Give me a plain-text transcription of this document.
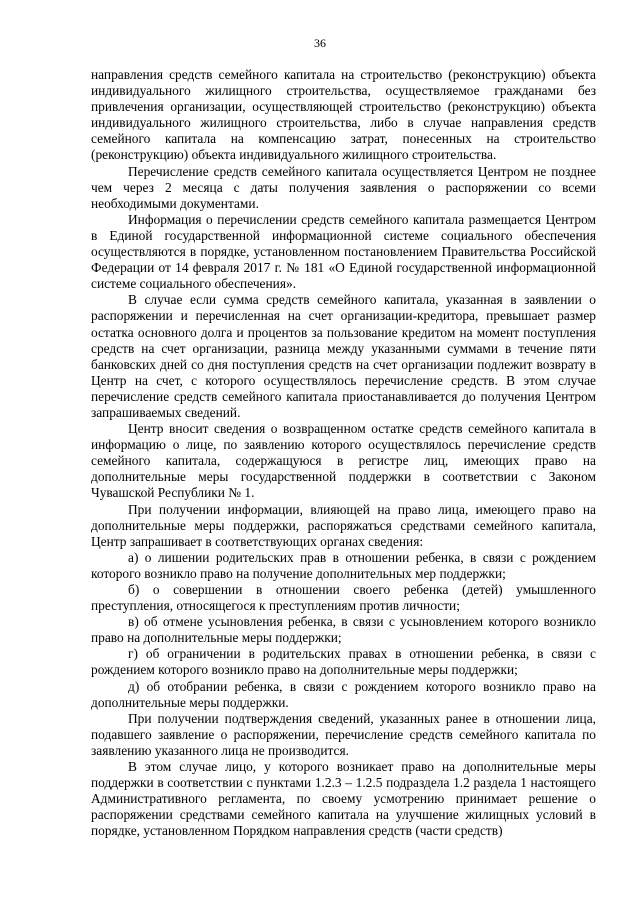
36

направления средств семейного капитала на строительство (реконструкцию) объекта индивидуального жилищного строительства, осуществляемое гражданами без привлечения организации, осуществляющей строительство (реконструкцию) объекта индивидуального жилищного строительства, либо в случае направления средств семейного капитала на компенсацию затрат, понесенных на строительство (реконструкцию) объекта индивидуального жилищного строительства.

Перечисление средств семейного капитала осуществляется Центром не позднее чем через 2 месяца с даты получения заявления о распоряжении со всеми необходимыми документами.

Информация о перечислении средств семейного капитала размещается Центром в Единой государственной информационной системе социального обеспечения осуществляются в порядке, установленном постановлением Правительства Российской Федерации от 14 февраля 2017 г. № 181 «О Единой государственной информационной системе социального обеспечения».

В случае если сумма средств семейного капитала, указанная в заявлении о распоряжении и перечисленная на счет организации-кредитора, превышает размер остатка основного долга и процентов за пользование кредитом на момент поступления средств на счет организации, разница между указанными суммами в течение пяти банковских дней со дня поступления средств на счет организации подлежит возврату в Центр на счет, с которого осуществлялось перечисление средств. В этом случае перечисление средств семейного капитала приостанавливается до получения Центром запрашиваемых сведений.

Центр вносит сведения о возвращенном остатке средств семейного капитала в информацию о лице, по заявлению которого осуществлялось перечисление средств семейного капитала, содержащуюся в регистре лиц, имеющих право на дополнительные меры государственной поддержки в соответствии с Законом Чувашской Республики № 1.

При получении информации, влияющей на право лица, имеющего право на дополнительные меры поддержки, распоряжаться средствами семейного капитала, Центр запрашивает в соответствующих органах сведения:

а) о лишении родительских прав в отношении ребенка, в связи с рождением которого возникло право на получение дополнительных мер поддержки;

б) о совершении в отношении своего ребенка (детей) умышленного преступления, относящегося к преступлениям против личности;

в) об отмене усыновления ребенка, в связи с усыновлением которого возникло право на дополнительные меры поддержки;

г) об ограничении в родительских правах в отношении ребенка, в связи с рождением которого возникло право на дополнительные меры поддержки;

д) об отобрании ребенка, в связи с рождением которого возникло право на дополнительные меры поддержки.

При получении подтверждения сведений, указанных ранее в отношении лица, подавшего заявление о распоряжении, перечисление средств семейного капитала по заявлению указанного лица не производится.

В этом случае лицо, у которого возникает право на дополнительные меры поддержки в соответствии с пунктами 1.2.3 – 1.2.5 подраздела 1.2 раздела 1 настоящего Административного регламента, по своему усмотрению принимает решение о распоряжении средствами семейного капитала на улучшение жилищных условий в порядке, установленном Порядком направления средств (части средств)
